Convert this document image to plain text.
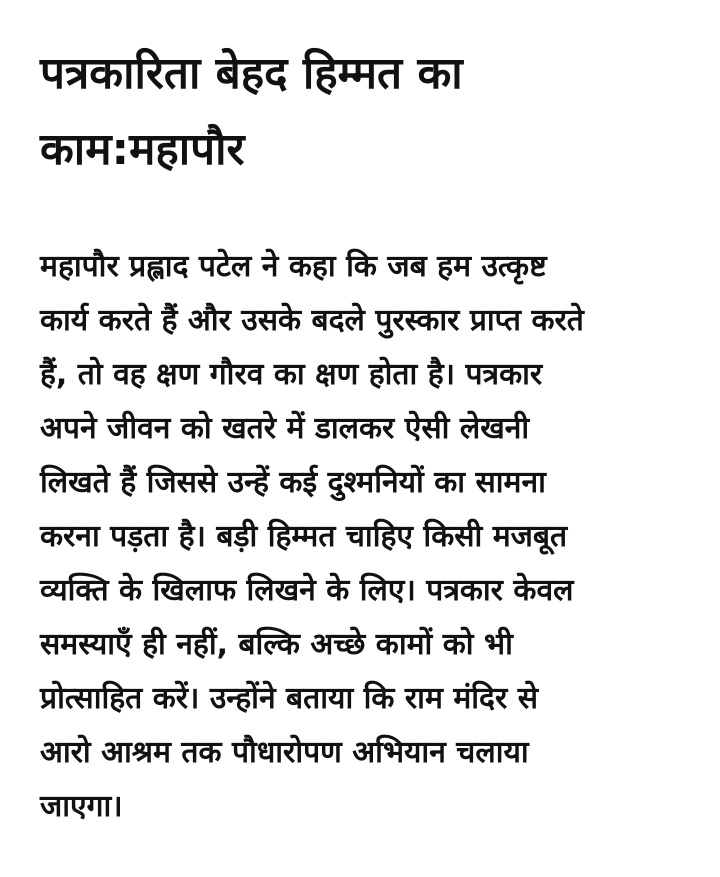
पत्रकारिता बेहद हिम्मत का
काम:महापौर

महापौर प्रह्लाद पटेल ने कहा कि जब हम उत्कृष्ट
कार्य करते हैं और उसके बदले पुरस्कार प्राप्त करते
हैं, तो वह क्षण गौरव का क्षण होता है। पत्रकार
अपने जीवन को खतरे में डालकर ऐसी लेखनी
लिखते हैं जिससे उन्हें कई दुश्मनियों का सामना
करना पड़ता है। बड़ी हिम्मत चाहिए किसी मजबूत
व्यक्ति के खिलाफ लिखने के लिए। पत्रकार केवल
समस्याएँ ही नहीं, बल्कि अच्छे कामों को भी
प्रोत्साहित करें। उन्होंने बताया कि राम मंदिर से
आरो आश्रम तक पौधारोपण अभियान चलाया
जाएगा।
